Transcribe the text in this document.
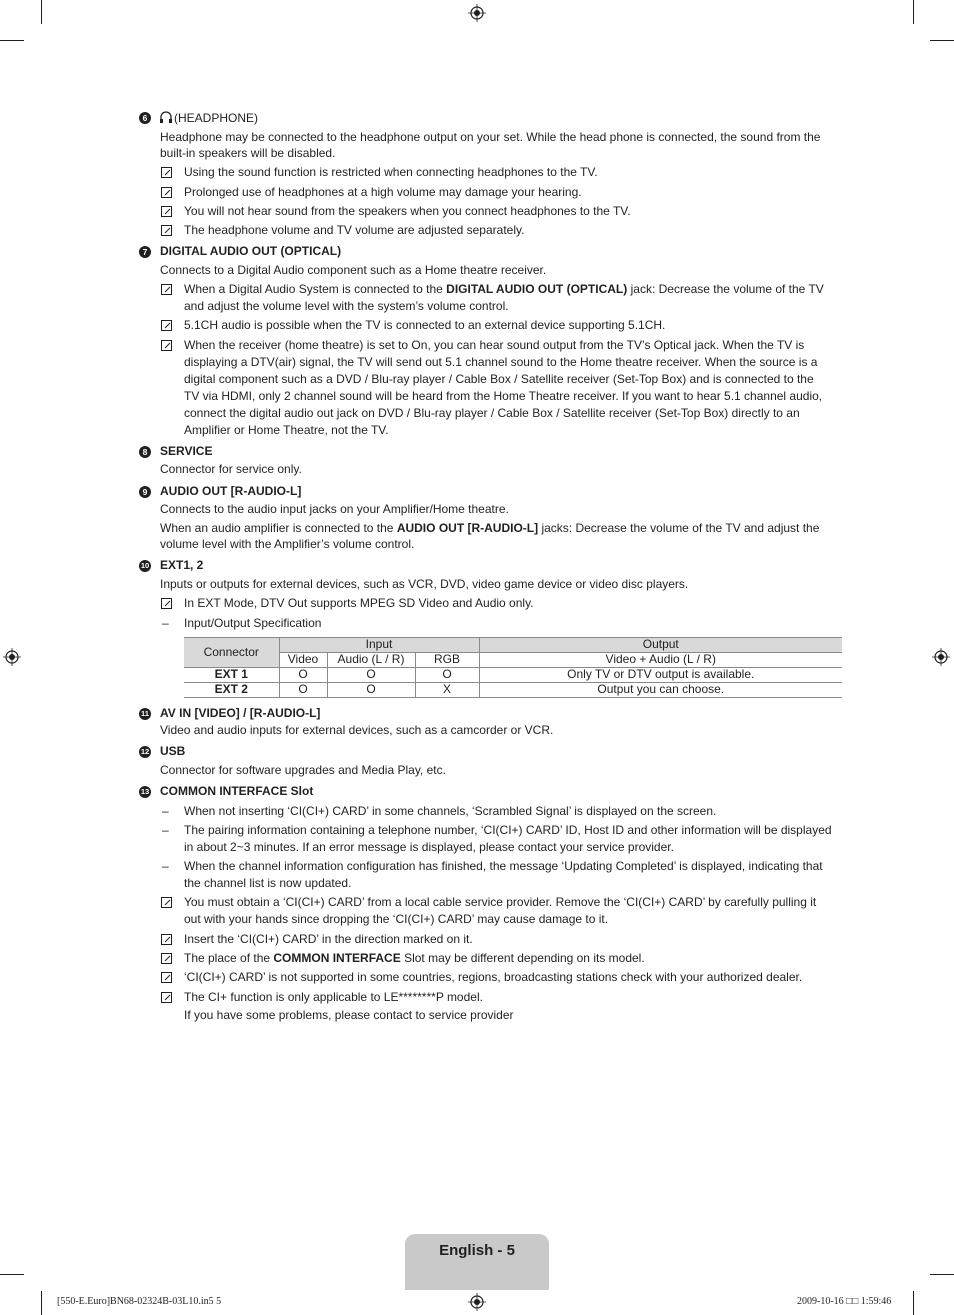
6	(HEADPHONE)
Headphone may be connected to the headphone output on your set. While the head phone is connected, the sound from the
built-in speakers will be disabled.
Using the sound function is restricted when connecting headphones to the TV.
Prolonged use of headphones at a high volume may damage your hearing.
You will not hear sound from the speakers when you connect headphones to the TV.
The headphone volume and TV volume are adjusted separately.
7	DIGITAL AUDIO OUT (OPTICAL)
Connects to a Digital Audio component such as a Home theatre receiver.
When a Digital Audio System is connected to the DIGITAL AUDIO OUT (OPTICAL) jack: Decrease the volume of the TV
and adjust the volume level with the system’s volume control.
5.1CH audio is possible when the TV is connected to an external device supporting 5.1CH.
When the receiver (home theatre) is set to On, you can hear sound output from the TV’s Optical jack. When the TV is
displaying a DTV(air) signal, the TV will send out 5.1 channel sound to the Home theatre receiver. When the source is a
digital component such as a DVD / Blu-ray player / Cable Box / Satellite receiver (Set-Top Box) and is connected to the
TV via HDMI, only 2 channel sound will be heard from the Home Theatre receiver. If you want to hear 5.1 channel audio,
connect the digital audio out jack on DVD / Blu-ray player / Cable Box / Satellite receiver (Set-Top Box) directly to an
Amplifier or Home Theatre, not the TV.
8	SERVICE
Connector for service only.
9	AUDIO OUT [R-AUDIO-L]
Connects to the audio input jacks on your Amplifier/Home theatre.
When an audio amplifier is connected to the AUDIO OUT [R-AUDIO-L] jacks: Decrease the volume of the TV and adjust the
volume level with the Amplifier’s volume control.
10 EXT1, 2
Inputs or outputs for external devices, such as VCR, DVD, video game device or video disc players.
In EXT Mode, DTV Out supports MPEG SD Video and Audio only.
– Input/Output Specification
Connector	Input			Output
	Video	Audio (L / R)	RGB	Video + Audio (L / R)
EXT 1	O	O	O	Only TV or DTV output is available.
EXT 2	O	O	X	Output you can choose.
11 AV IN [VIDEO] / [R-AUDIO-L]
Video and audio inputs for external devices, such as a camcorder or VCR.
12 USB
Connector for software upgrades and Media Play, etc.
13 COMMON INTERFACE Slot
– When not inserting ‘CI(CI+) CARD’ in some channels, ‘Scrambled Signal’ is displayed on the screen.
– The pairing information containing a telephone number, ‘CI(CI+) CARD’ ID, Host ID and other information will be displayed
in about 2~3 minutes. If an error message is displayed, please contact your service provider.
– When the channel information configuration has finished, the message ‘Updating Completed’ is displayed, indicating that
the channel list is now updated.
You must obtain a ‘CI(CI+) CARD’ from a local cable service provider. Remove the ‘CI(CI+) CARD’ by carefully pulling it
out with your hands since dropping the ‘CI(CI+) CARD’ may cause damage to it.
Insert the ‘CI(CI+) CARD’ in the direction marked on it.
The place of the COMMON INTERFACE Slot may be different depending on its model.
‘CI(CI+) CARD’ is not supported in some countries, regions, broadcasting stations check with your authorized dealer.
The CI+ function is only applicable to LE********P model.
If you have some problems, please contact to service provider
English - 5
[550-E.Euro]BN68-02324B-03L10.in5 5	2009-10-16 □□ 1:59:46
